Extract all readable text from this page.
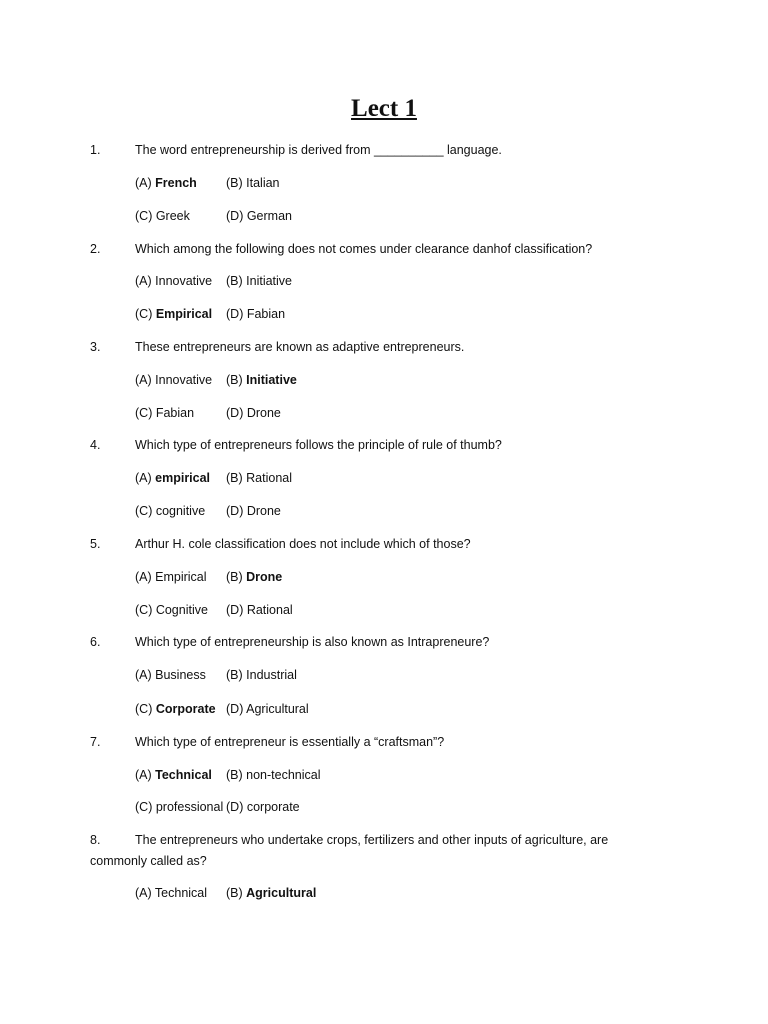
Lect 1
1.	The word entrepreneurship is derived from __________ language.
(A) French (B) Italian
(C) Greek	(D) German
2.	Which among the following does not comes under clearance danhof classification?
(A) Innovative (B) Initiative
(C) Empirical (D) Fabian
3.	These entrepreneurs are known as adaptive entrepreneurs.
(A) Innovative (B) Initiative
(C) Fabian	(D) Drone
4.	Which type of entrepreneurs follows the principle of rule of thumb?
(A) empirical (B) Rational
(C) cognitive (D) Drone
5.	Arthur H. cole classification does not include which of those?
(A) Empirical (B) Drone
(C) Cognitive (D) Rational
6.	Which type of entrepreneurship is also known as Intrapreneure?
(A) Business (B) Industrial
(C) Corporate (D) Agricultural
7.	Which type of entrepreneur is essentially a “craftsman”?
(A) Technical (B) non-technical
(C) professional (D) corporate
8.	The entrepreneurs who undertake crops, fertilizers and other inputs of agriculture, are
commonly called as?
(A) Technical (B) Agricultural
